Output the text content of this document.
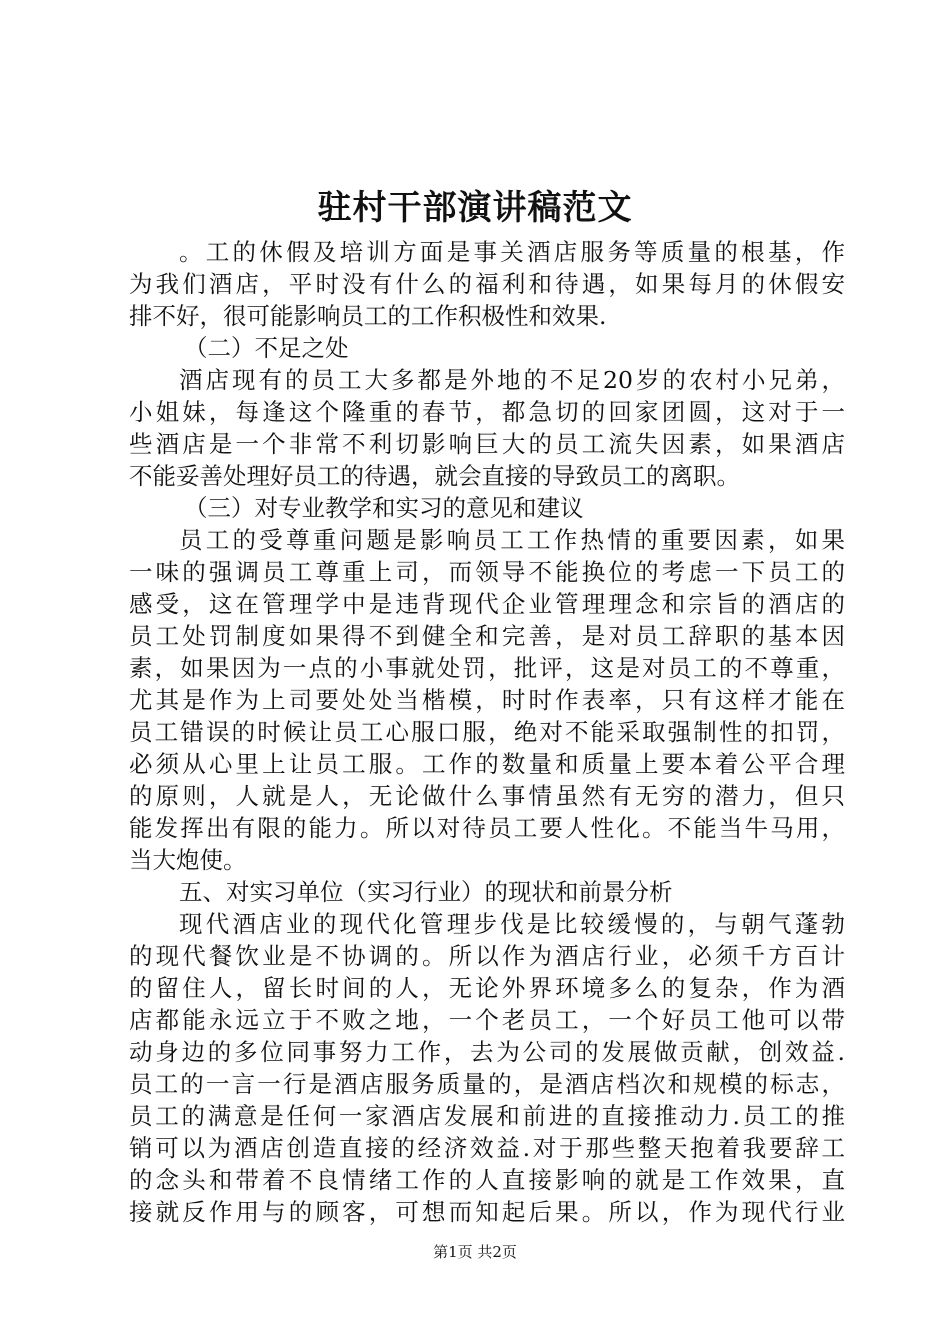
驻村干部演讲稿范文
。工的休假及培训方面是事关酒店服务等质量的根基，作
为我们酒店，平时没有什么的福利和待遇，如果每月的休假安
排不好，很可能影响员工的工作积极性和效果.
（二）不足之处
酒店现有的员工大多都是外地的不足20岁的农村小兄弟，
小姐妹，每逢这个隆重的春节，都急切的回家团圆，这对于一
些酒店是一个非常不利切影响巨大的员工流失因素，如果酒店
不能妥善处理好员工的待遇，就会直接的导致员工的离职。
（三）对专业教学和实习的意见和建议
员工的受尊重问题是影响员工工作热情的重要因素，如果
一味的强调员工尊重上司，而领导不能换位的考虑一下员工的
感受，这在管理学中是违背现代企业管理理念和宗旨的酒店的
员工处罚制度如果得不到健全和完善，是对员工辞职的基本因
素，如果因为一点的小事就处罚，批评，这是对员工的不尊重，
尤其是作为上司要处处当楷模，时时作表率，只有这样才能在
员工错误的时候让员工心服口服，绝对不能采取强制性的扣罚，
必须从心里上让员工服。工作的数量和质量上要本着公平合理
的原则，人就是人，无论做什么事情虽然有无穷的潜力，但只
能发挥出有限的能力。所以对待员工要人性化。不能当牛马用，
当大炮使。
五、对实习单位（实习行业）的现状和前景分析
现代酒店业的现代化管理步伐是比较缓慢的，与朝气蓬勃
的现代餐饮业是不协调的。所以作为酒店行业，必须千方百计
的留住人，留长时间的人，无论外界环境多么的复杂，作为酒
店都能永远立于不败之地，一个老员工，一个好员工他可以带
动身边的多位同事努力工作，去为公司的发展做贡献，创效益.
员工的一言一行是酒店服务质量的，是酒店档次和规模的标志，
员工的满意是任何一家酒店发展和前进的直接推动力.员工的推
销可以为酒店创造直接的经济效益.对于那些整天抱着我要辞工
的念头和带着不良情绪工作的人直接影响的就是工作效果，直
接就反作用与的顾客，可想而知起后果。所以，作为现代行业
第1页 共2页
